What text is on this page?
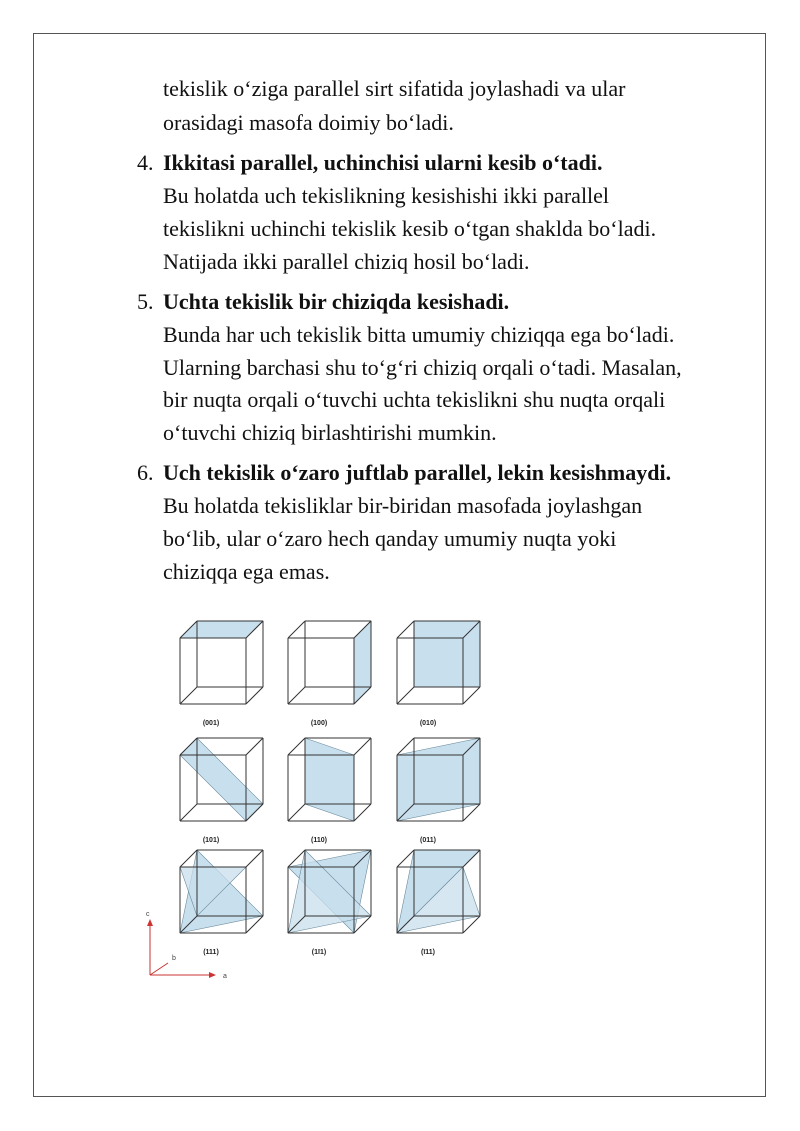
tekislik o‘ziga parallel sirt sifatida joylashadi va ular
orasidagi masofa doimiy bo‘ladi.
4. Ikkitasi parallel, uchinchisi ularni kesib o‘tadi.
Bu holatda uch tekislikning kesishishi ikki parallel
tekislikni uchinchi tekislik kesib o‘tgan shaklda bo‘ladi.
Natijada ikki parallel chiziq hosil bo‘ladi.
5. Uchta tekislik bir chiziqda kesishadi.
Bunda har uch tekislik bitta umumiy chiziqqa ega bo‘ladi.
Ularning barchasi shu to‘g‘ri chiziq orqali o‘tadi. Masalan,
bir nuqta orqali o‘tuvchi uchta tekislikni shu nuqta orqali
o‘tuvchi chiziq birlashtirishi mumkin.
6. Uch tekislik o‘zaro juftlab parallel, lekin kesishmaydi.
Bu holatda tekisliklar bir-biridan masofada joylashgan
bo‘lib, ular o‘zaro hech qanday umumiy nuqta yoki
chiziqqa ega emas.
(001)	(100)	(010)
(101)	(110)	(011)
(111)	(1ī1)	(ī11)
c
b
a
